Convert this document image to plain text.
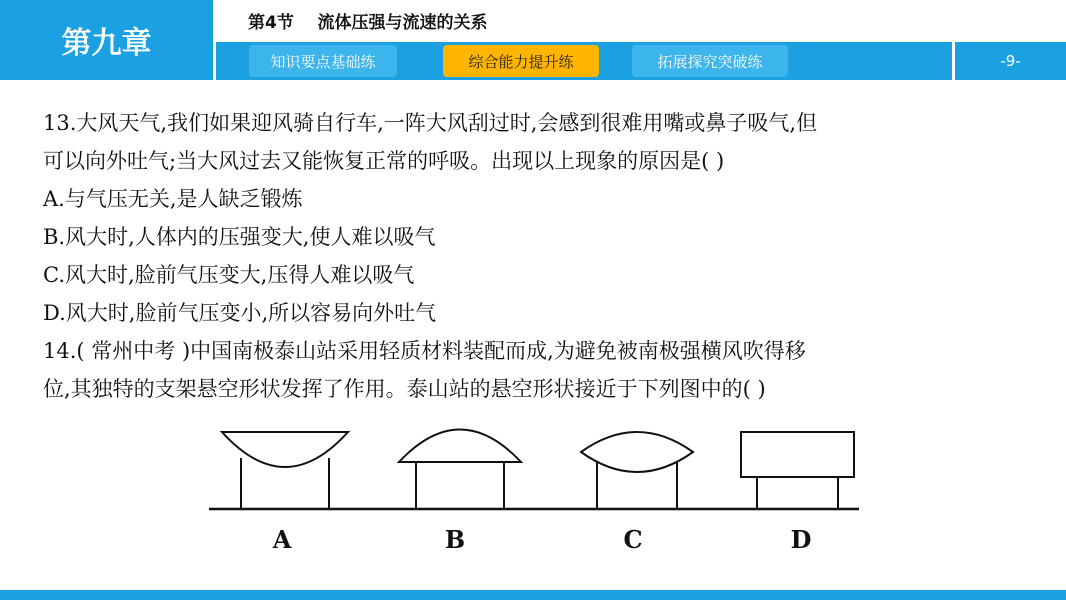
第九章
第4节    流体压强与流速的关系
知识要点基础练	综合能力提升练	拓展探究突破练	-9-
13.大风天气,我们如果迎风骑自行车,一阵大风刮过时,会感到很难用嘴或鼻子吸气,但
可以向外吐气;当大风过去又能恢复正常的呼吸。出现以上现象的原因是( )
A.与气压无关,是人缺乏锻炼
B.风大时,人体内的压强变大,使人难以吸气
C.风大时,脸前气压变大,压得人难以吸气
D.风大时,脸前气压变小,所以容易向外吐气
14.( 常州中考 )中国南极泰山站采用轻质材料装配而成,为避免被南极强横风吹得移
位,其独特的支架悬空形状发挥了作用。泰山站的悬空形状接近于下列图中的( )
A	B	C	D
